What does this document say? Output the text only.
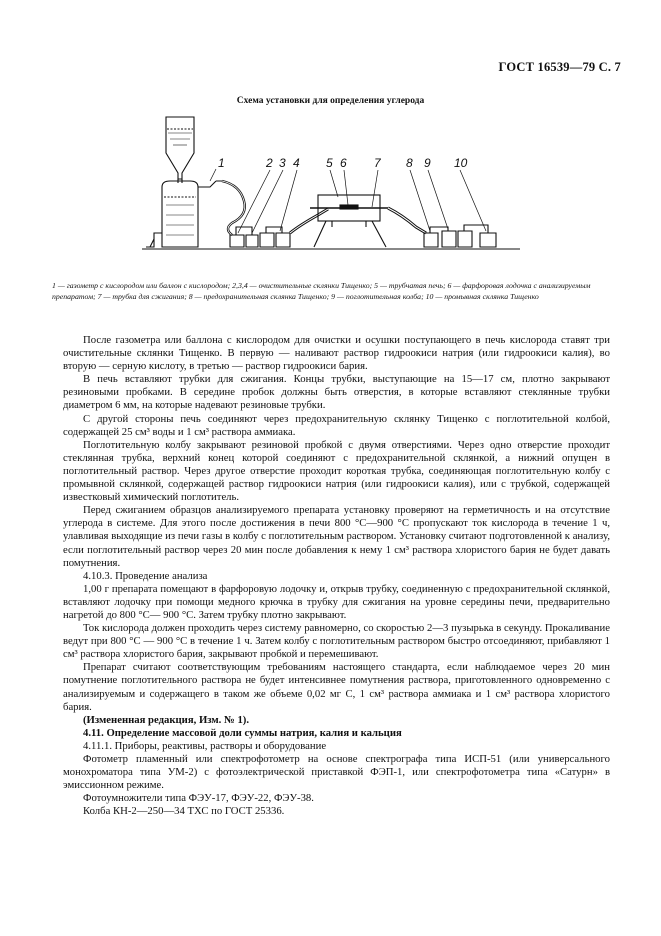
ГОСТ 16539—79 С. 7
Схема установки для определения углерода
1	2 3 4 5 6 7 8 9 10
1 — газометр с кислородом или баллон с кислородом; 2,3,4 — очистительные склянки Тищенко; 5 — трубчатая печь; 6 — фарфоровая лодочка с анализируемым препаратом; 7 — трубка для сжигания; 8 — предохранительная склянка Тищенко; 9 — поглотительная колба; 10 — промывная склянка Тищенко

После газометра или баллона с кислородом для очистки и осушки поступающего в печь кислорода ставят три очистительные склянки Тищенко. В первую — наливают раствор гидроокиси натрия (или гидроокиси калия), во вторую — серную кислоту, в третью — раствор гидроокиси бария.

В печь вставляют трубки для сжигания. Концы трубки, выступающие на 15—17 см, плотно закрывают резиновыми пробками. В середине пробок должны быть отверстия, в которые вставляют стеклянные трубки диаметром 6 мм, на которые надевают резиновые трубки.

С другой стороны печь соединяют через предохранительную склянку Тищенко с поглотительной колбой, содержащей 25 см³ воды и 1 см³ раствора аммиака.

Поглотительную колбу закрывают резиновой пробкой с двумя отверстиями. Через одно отверстие проходит стеклянная трубка, верхний конец которой соединяют с предохранительной склянкой, а нижний опущен в поглотительный раствор. Через другое отверстие проходит короткая трубка, соединяющая поглотительную колбу с промывной склянкой, содержащей раствор гидроокиси натрия (или гидроокиси калия), или с трубкой, содержащей известковый химический поглотитель.

Перед сжиганием образцов анализируемого препарата установку проверяют на герметичность и на отсутствие углерода в системе. Для этого после достижения в печи 800 °С—900 °С пропускают ток кислорода в течение 1 ч, улавливая выходящие из печи газы в колбу с поглотительным раствором. Установку считают подготовленной к анализу, если поглотительный раствор через 20 мин после добавления к нему 1 см³ раствора хлористого бария не будет давать помутнения.

4.10.3. Проведение анализа

1,00 г препарата помещают в фарфоровую лодочку и, открыв трубку, соединенную с предохранительной склянкой, вставляют лодочку при помощи медного крючка в трубку для сжигания на уровне середины печи, предварительно нагретой до 800 °С— 900 °С. Затем трубку плотно закрывают.

Ток кислорода должен проходить через систему равномерно, со скоростью 2—3 пузырька в секунду. Прокаливание ведут при 800 °С — 900 °С в течение 1 ч. Затем колбу с поглотительным раствором быстро отсоединяют, прибавляют 1 см³ раствора хлористого бария, закрывают пробкой и перемешивают.

Препарат считают соответствующим требованиям настоящего стандарта, если наблюдаемое через 20 мин помутнение поглотительного раствора не будет интенсивнее помутнения раствора, приготовленного одновременно с анализируемым и содержащего в таком же объеме 0,02 мг С, 1 см³ раствора аммиака и 1 см³ раствора хлористого бария.

(Измененная редакция, Изм. № 1).

4.11. Определение массовой доли суммы натрия, калия и кальция

4.11.1. Приборы, реактивы, растворы и оборудование

Фотометр пламенный или спектрофотометр на основе спектрографа типа ИСП-51 (или универсального монохроматора типа УМ-2) с фотоэлектрической приставкой ФЭП-1, или спектрофотометра типа «Сатурн» в эмиссионном режиме.

Фотоумножители типа ФЭУ-17, ФЭУ-22, ФЭУ-38.

Колба КН-2—250—34 ТХС по ГОСТ 25336.
